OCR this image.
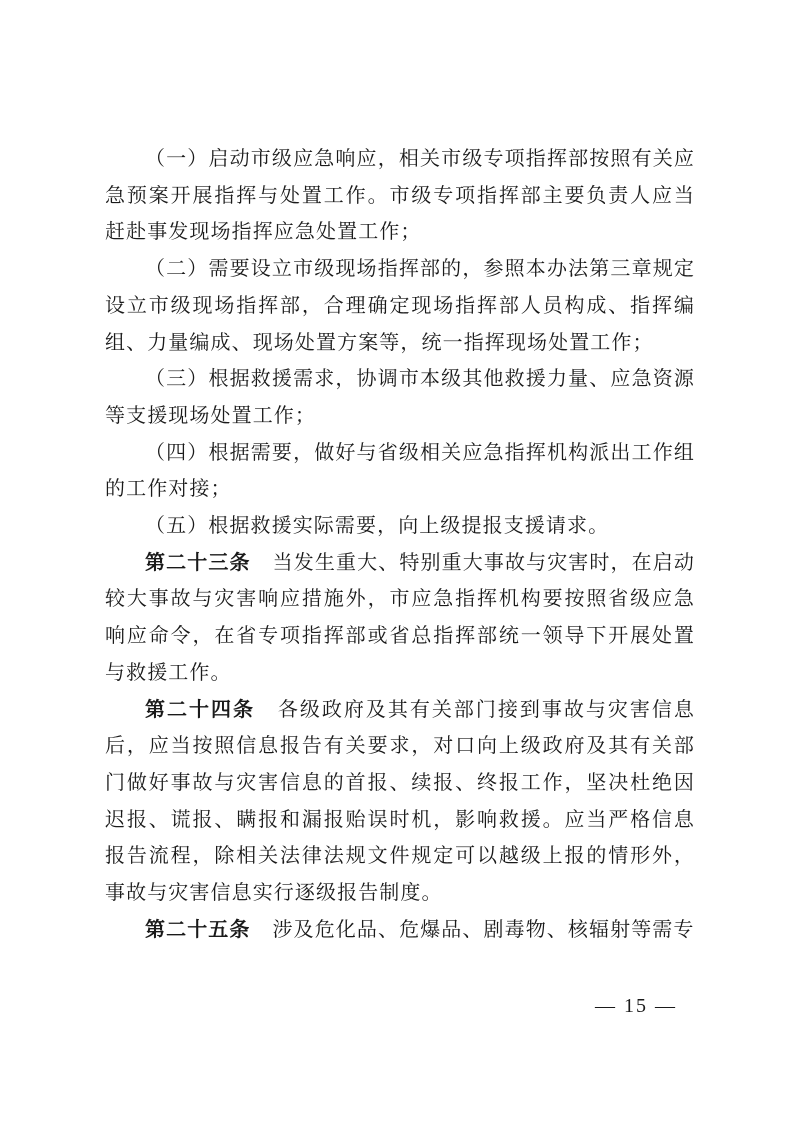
（一）启动市级应急响应，相关市级专项指挥部按照有关应急预案开展指挥与处置工作。市级专项指挥部主要负责人应当赶赴事发现场指挥应急处置工作；

（二）需要设立市级现场指挥部的，参照本办法第三章规定设立市级现场指挥部，合理确定现场指挥部人员构成、指挥编组、力量编成、现场处置方案等，统一指挥现场处置工作；

（三）根据救援需求，协调市本级其他救援力量、应急资源等支援现场处置工作；

（四）根据需要，做好与省级相关应急指挥机构派出工作组的工作对接；

（五）根据救援实际需要，向上级提报支援请求。

第二十三条 当发生重大、特别重大事故与灾害时，在启动较大事故与灾害响应措施外，市应急指挥机构要按照省级应急响应命令，在省专项指挥部或省总指挥部统一领导下开展处置与救援工作。

第二十四条 各级政府及其有关部门接到事故与灾害信息后，应当按照信息报告有关要求，对口向上级政府及其有关部门做好事故与灾害信息的首报、续报、终报工作，坚决杜绝因迟报、谎报、瞒报和漏报贻误时机，影响救援。应当严格信息报告流程，除相关法律法规文件规定可以越级上报的情形外，事故与灾害信息实行逐级报告制度。

第二十五条 涉及危化品、危爆品、剧毒物、核辐射等需专

— 15 —
